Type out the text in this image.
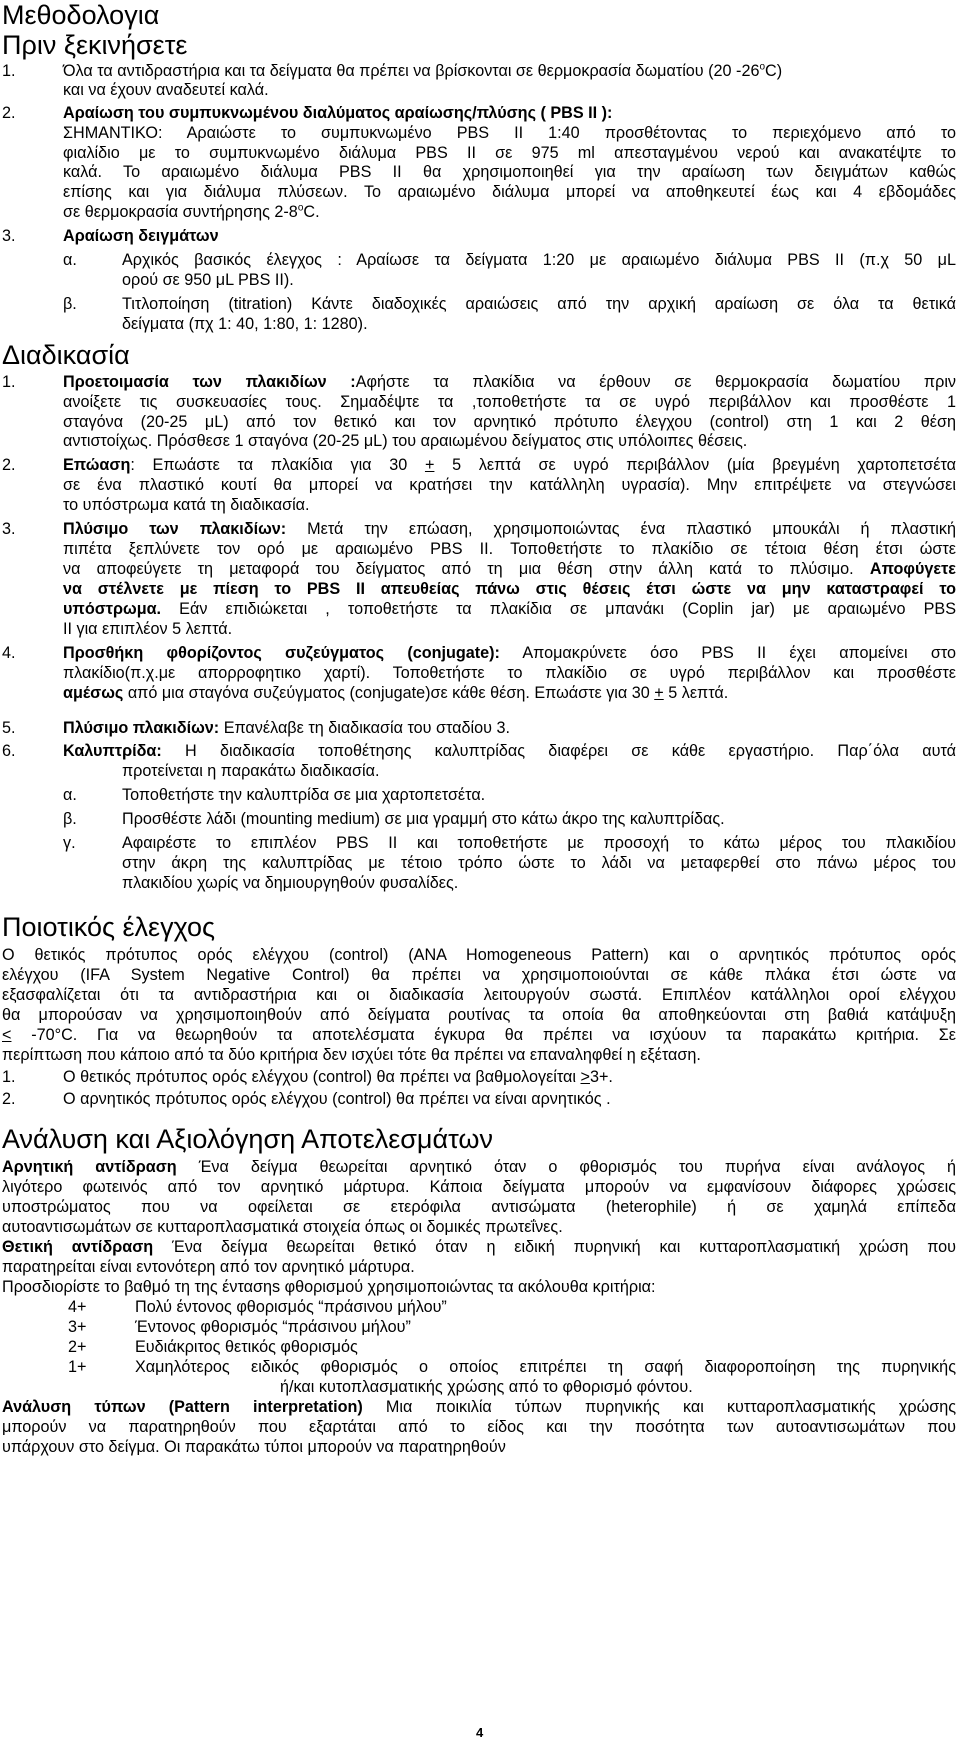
Μεθοδολογια
Πριν ξεκινήσετε
1.	Όλα τα αντιδραστήρια και τα δείγματα θα πρέπει να βρίσκονται σε θερμοκρασία δωματίου (20 -26$^o$C)
και να έχουν αναδευτεί καλά.
2.	Αραίωση του συμπυκνωμένου διαλύματος αραίωσης/πλύσης ( PBS II ):
ΣΗΜΑΝΤΙΚΟ: Αραιώστε το συμπυκνωμένο PBS II 1:40 προσθέτοντας το περιεχόμενο από το
φιαλίδιο με το συμπυκνωμένο διάλυμα PBS II σε 975 ml απεσταγμένου νερού και ανακατέψτε το
καλά. Το αραιωμένο διάλυμα PBS II θα χρησιμοποιηθεί για την αραίωση των δειγμάτων καθώς
επίσης και για διάλυμα πλύσεων. Το αραιωμένο διάλυμα μπορεί να αποθηκευτεί έως και 4 εβδομάδες
σε θερμοκρασία συντήρησης 2-8$^o$C.
3.	Αραίωση δειγμάτων
α.	Αρχικός βασικός έλεγχος : Αραίωσε τα δείγματα 1:20 με αραιωμένο διάλυμα PBS II (π.χ 50 μL
ορού σε 950 μL PBS II).
β.	Τιτλοποίηση (titration) Κάντε διαδοχικές αραιώσεις από την αρχική αραίωση σε όλα τα θετικά
δείγματα (πχ 1: 40, 1:80, 1: 1280).
Διαδικασία
1.	Προετοιμασία των πλακιδίων :Αφήστε τα πλακίδια να έρθουν σε θερμοκρασία δωματίου πριν
ανοίξετε τις συσκευασίες τους. Σημαδέψτε τα ,τοποθετήστε τα σε υγρό περιβάλλον και προσθέστε 1
σταγόνα (20-25 μL) από τον θετικό και τον αρνητικό πρότυπο έλεγχου (control) στη 1 και 2 θέση
αντιστοίχως. Πρόσθεσε 1 σταγόνα (20-25 μL) του αραιωμένου δείγματος στις υπόλοιπες θέσεις.
2.	Επώαση: Επωάστε τα πλακίδια για 30 + 5 λεπτά σε υγρό περιβάλλον (μία βρεγμένη χαρτοπετσέτα
σε ένα πλαστικό κουτί θα μπορεί να κρατήσει την κατάλληλη υγρασία). Μην επιτρέψετε να στεγνώσει
το υπόστρωμα κατά τη διαδικασία.
3.	Πλύσιμο των πλακιδίων: Μετά την επώαση, χρησιμοποιώντας ένα πλαστικό μπουκάλι ή πλαστική
πιπέτα ξεπλύνετε τον ορό με αραιωμένο PBS II. Τοποθετήστε το πλακίδιο σε τέτοια θέση έτσι ώστε
να αποφεύγετε τη μεταφορά του δείγματος από τη μια θέση στην άλλη κατά το πλύσιμο. Αποφύγετε
να στέλνετε με πίεση το PBS II απευθείας πάνω στις θέσεις έτσι ώστε να μην καταστραφεί το
υπόστρωμα. Εάν επιδιώκεται , τοποθετήστε τα πλακίδια σε μπανάκι (Coplin jar) με αραιωμένο PBS
II για επιπλέον 5 λεπτά.
4.	Προσθήκη φθορίζοντος συζεύγματος (conjugate): Απομακρύνετε όσο PBS II έχει απομείνει στο
πλακίδιο(π.χ.με απορροφητικο χαρτί). Τοποθετήστε το πλακίδιο σε υγρό περιβάλλον και προσθέστε
αμέσως από μια σταγόνα συζεύγματος (conjugate)σε κάθε θέση. Επωάστε για 30 + 5 λεπτά.
5.	Πλύσιμο πλακιδίων: Επανέλαβε τη διαδικασία του σταδίου 3.
6.	Καλυπτρίδα: Η διαδικασία τοποθέτησης καλυπτρίδας διαφέρει σε κάθε εργαστήριο. Παρ΄όλα αυτά
προτείνεται η παρακάτω διαδικασία.
α.	Τοποθετήστε την καλυπτρίδα σε μια χαρτοπετσέτα.
β.	Προσθέστε λάδι (mounting medium) σε μια γραμμή στο κάτω άκρο της καλυπτρίδας.
γ.	Αφαιρέστε το επιπλέον PBS II και τοποθετήστε με προσοχή το κάτω μέρος του πλακιδίου
στην άκρη της καλυπτρίδας με τέτοιο τρόπο ώστε το λάδι να μεταφερθεί στο πάνω μέρος του
πλακιδίου χωρίς να δημιουργηθούν φυσαλίδες.
Ποιοτικός έλεγχος
Ο θετικός πρότυπος ορός ελέγχου (control) (ANA Homogeneous Pattern) και ο αρνητικός πρότυπος ορός
ελέγχου (IFA System Negative Control) θα πρέπει να χρησιμοποιούνται σε κάθε πλάκα έτσι ώστε να
εξασφαλίζεται ότι τα αντιδραστήρια και οι διαδικασία λειτουργούν σωστά. Επιπλέον κατάλληλοι οροί ελέγχου
θα μπορούσαν να χρησιμοποιηθούν από δείγματα ρουτίνας τα οποία θα αποθηκεύονται στη βαθιά κατάψυξη
< -70°C. Για να θεωρηθούν τα αποτελέσματα έγκυρα θα πρέπει να ισχύουν τα παρακάτω κριτήρια. Σε
περίπτωση που κάποιο από τα δύο κριτήρια δεν ισχύει τότε θα πρέπει να επαναληφθεί η εξέταση.
1.	Ο θετικός πρότυπος ορός ελέγχου (control) θα πρέπει να βαθμολογείται >3+.
2.	Ο αρνητικός πρότυπος ορός ελέγχου (control) θα πρέπει να είναι αρνητικός .
Ανάλυση και Αξιολόγηση Αποτελεσμάτων
Αρνητική αντίδραση Ένα δείγμα θεωρείται αρνητικό όταν ο φθορισμός του πυρήνα είναι ανάλογος ή
λιγότερο φωτεινός από τον αρνητικό μάρτυρα. Κάποια δείγματα μπορούν να εμφανίσουν διάφορες χρώσεις
υποστρώματος που να οφείλεται σε ετερόφιλα αντισώματα (heterophile) ή σε χαμηλά επίπεδα
αυτοαντισωμάτων σε κυτταροπλασματικά στοιχεία όπως οι δομικές πρωτεΐνες.
Θετική αντίδραση Ένα δείγμα θεωρείται θετικό όταν η ειδική πυρηνική και κυτταροπλασματική χρώση που
παρατηρείται είναι εντονότερη από τον αρνητικό μάρτυρα.
Προσδιορίστε το βαθμό τη της έντασηs φθορισμού χρησιμοποιώντας τα ακόλουθα κριτήρια:
4+	Πολύ έντονος φθορισμός “πράσινου μήλου”
3+	Έντονος φθορισμός “πράσινου μήλου”
2+	Ευδιάκριτος θετικός φθορισμός
1+	Χαμηλότερος ειδικός φθορισμός ο οποίος επιτρέπει τη σαφή διαφοροποίηση της πυρηνικής
ή/και κυτοπλασματικής χρώσης από το φθορισμό φόντου.
Ανάλυση τύπων (Pattern interpretation) Μια ποικιλία τύπων πυρηνικής και κυτταροπλασματικής χρώσης
μπορούν να παρατηρηθούν που εξαρτάται από το είδος και την ποσότητα των αυτοαντισωμάτων που
υπάρχουν στο δείγμα. Οι παρακάτω τύποι μπορούν να παρατηρηθούν
4
